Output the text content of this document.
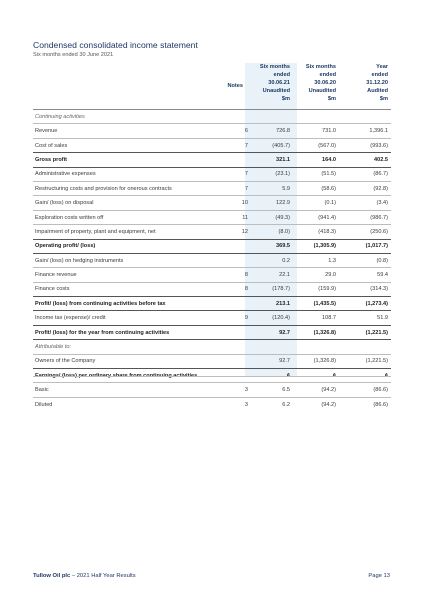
Condensed consolidated income statement
Six months ended 30 June 2021
Notes
Six months
ended
30.06.21
Unaudited
$m
Six months
ended
30.06.20
Unaudited
$m
Year
ended
31.12.20
Audited
$m
Continuing activities
Revenue	6	726.8	731.0	1,396.1
Cost of sales	7	(405.7)	(567.0)	(993.6)
Gross profit	321.1	164.0	402.5
Administrative expenses	7	(23.1)	(51.5)	(86.7)
Restructuring costs and provision for onerous contracts	7	5.9	(58.6)	(92.8)
Gain/ (loss) on disposal	10	122.9	(0.1)	(3.4)
Exploration costs written off	11	(49.3)	(941.4)	(986.7)
Impairment of property, plant and equipment, net	12	(8.0)	(418.3)	(250.6)
Operating profit/ (loss)	369.5	(1,305.9)	(1,017.7)
Gain/ (loss) on hedging instruments	0.2	1.3	(0.8)
Finance revenue	8	22.1	29.0	59.4
Finance costs	8	(178.7)	(159.9)	(314.3)
Profit/ (loss) from continuing activities before tax	213.1	(1,435.5)	(1,273.4)
Income tax (expense)/ credit	9	(120.4)	108.7	51.9
Profit/ (loss) for the year from continuing activities	92.7	(1,326.8)	(1,221.5)
Attributable to:
Owners of the Company	92.7	(1,326.8)	(1,221.5)
Earnings/ (loss) per ordinary share from continuing activities	¢	¢	¢
Basic	3	6.5	(94.2)	(86.6)
Diluted	3	6.2	(94.2)	(86.6)
Tullow Oil plc – 2021 Half Year Results	Page 13
